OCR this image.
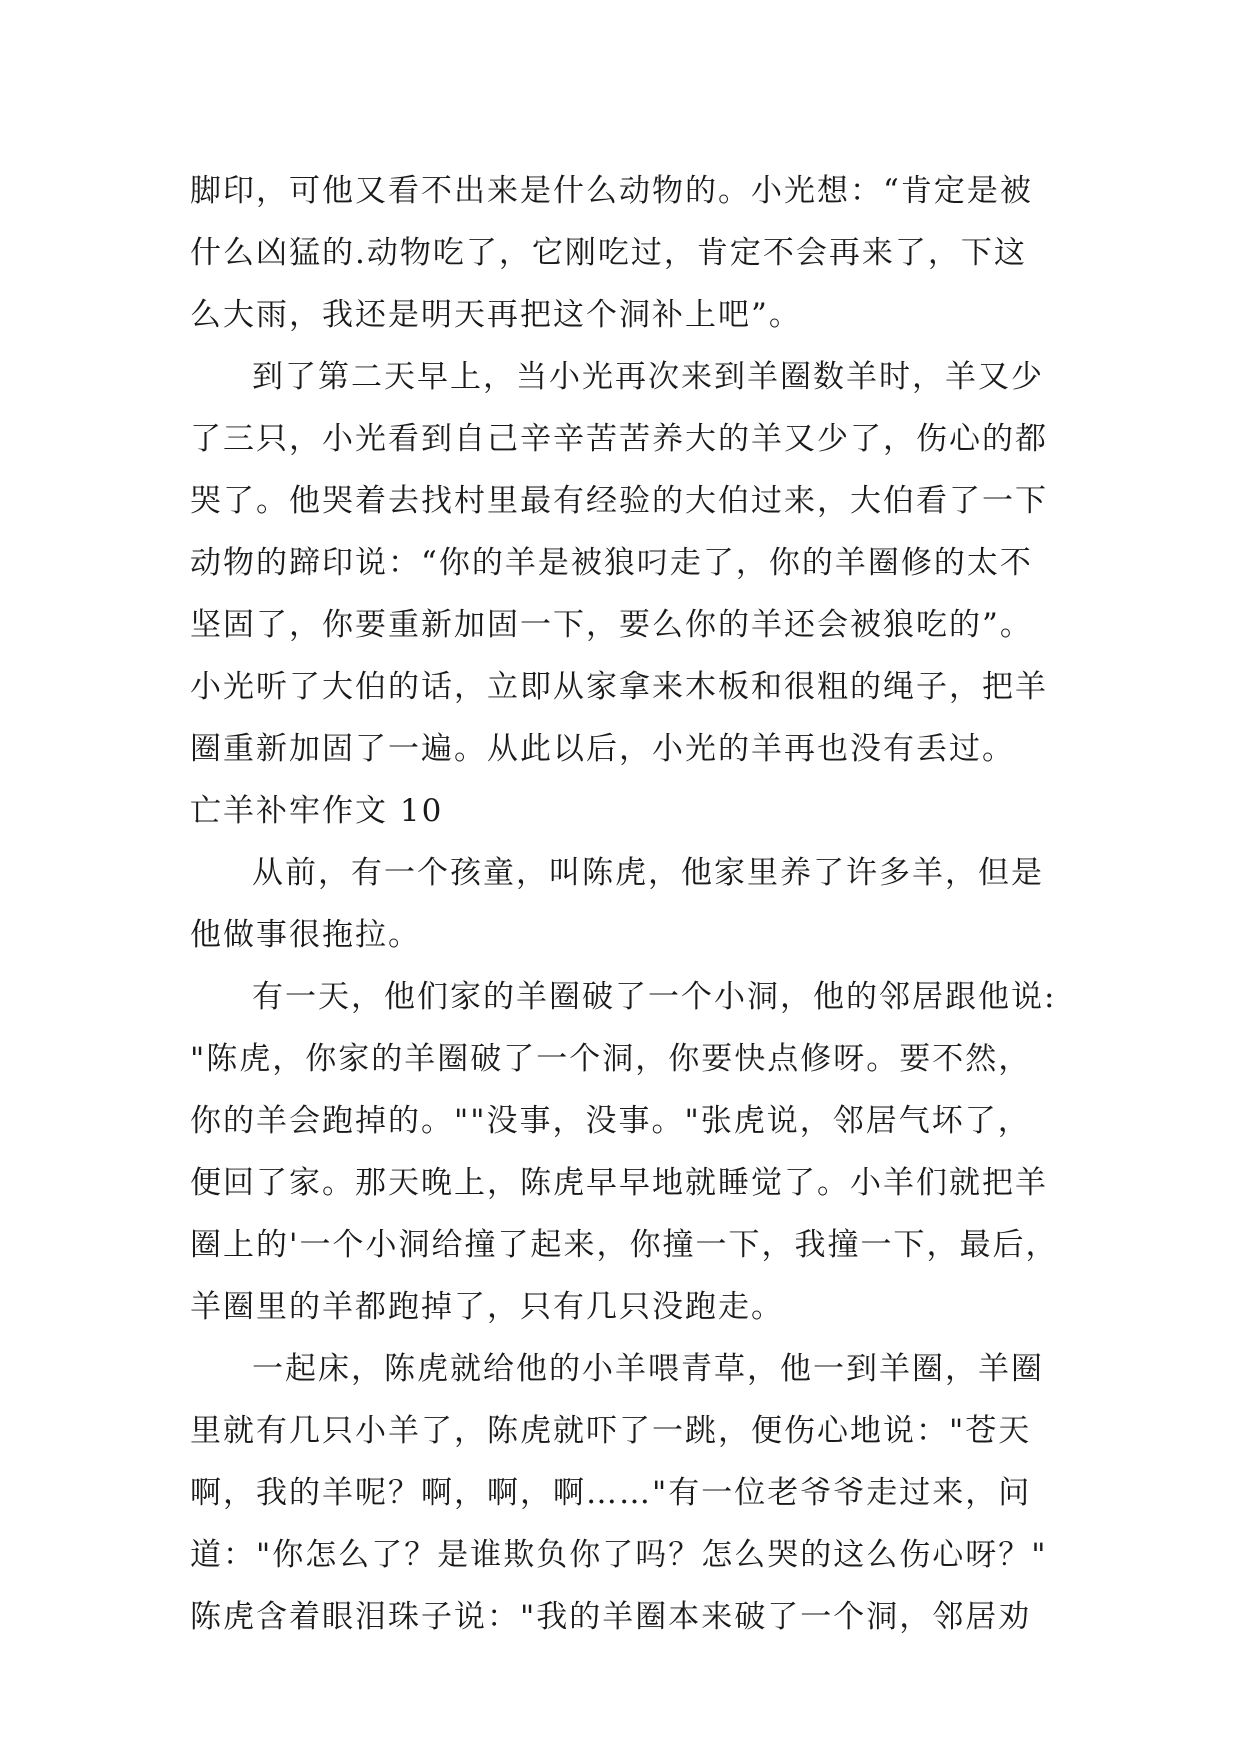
脚印，可他又看不出来是什么动物的。小光想：“肯定是被
什么凶猛的.动物吃了，它刚吃过，肯定不会再来了，下这
么大雨，我还是明天再把这个洞补上吧”。
到了第二天早上，当小光再次来到羊圈数羊时，羊又少
了三只，小光看到自己辛辛苦苦养大的羊又少了，伤心的都
哭了。他哭着去找村里最有经验的大伯过来，大伯看了一下
动物的蹄印说：“你的羊是被狼叼走了，你的羊圈修的太不
坚固了，你要重新加固一下，要么你的羊还会被狼吃的”。
小光听了大伯的话，立即从家拿来木板和很粗的绳子，把羊
圈重新加固了一遍。从此以后，小光的羊再也没有丢过。
亡羊补牢作文 10
从前，有一个孩童，叫陈虎，他家里养了许多羊，但是
他做事很拖拉。
有一天，他们家的羊圈破了一个小洞，他的邻居跟他说:
"陈虎，你家的羊圈破了一个洞，你要快点修呀。要不然，
你的羊会跑掉的。""没事，没事。"张虎说，邻居气坏了，
便回了家。那天晚上，陈虎早早地就睡觉了。小羊们就把羊
圈上的'一个小洞给撞了起来，你撞一下，我撞一下，最后，
羊圈里的羊都跑掉了，只有几只没跑走。
一起床，陈虎就给他的小羊喂青草，他一到羊圈，羊圈
里就有几只小羊了，陈虎就吓了一跳，便伤心地说："苍天
啊，我的羊呢？啊，啊，啊……"有一位老爷爷走过来，问
道："你怎么了？是谁欺负你了吗？怎么哭的这么伤心呀？"
陈虎含着眼泪珠子说："我的羊圈本来破了一个洞，邻居劝
